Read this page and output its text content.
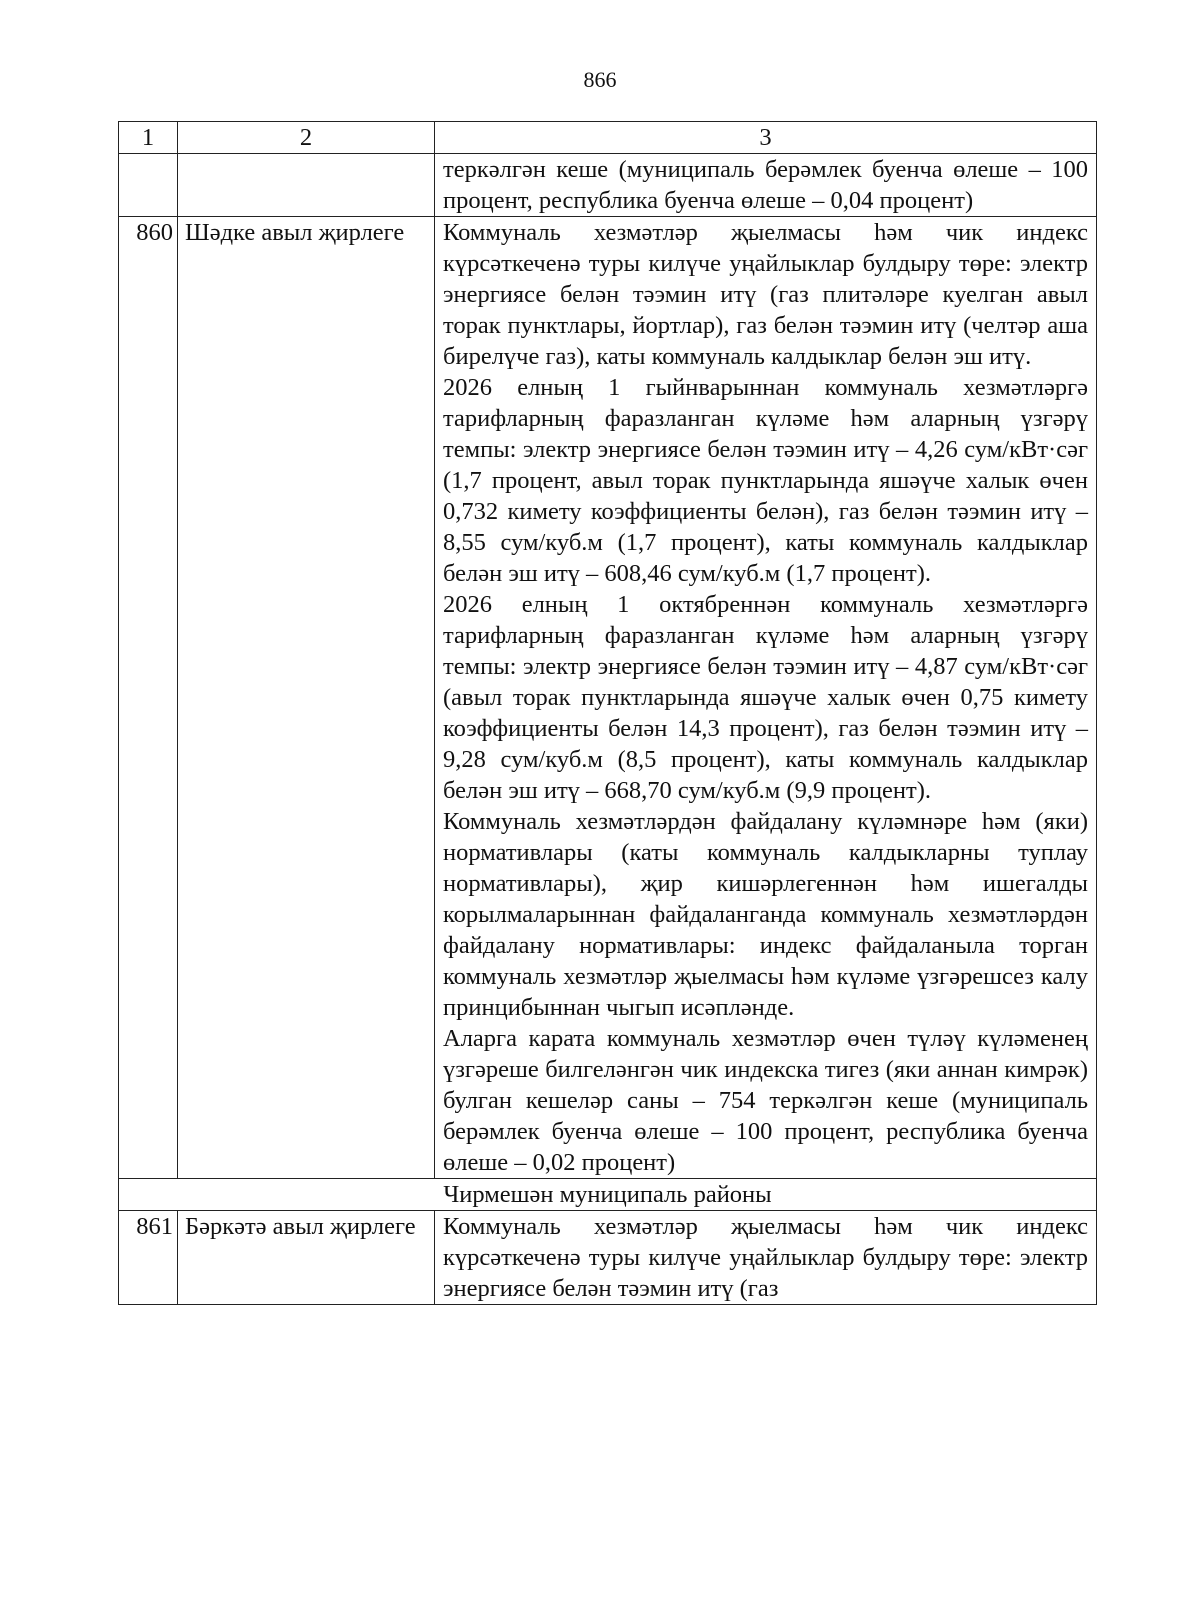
866
1	2	3
		теркәлгән кеше (муниципаль берәмлек буенча өлеше – 100 процент, республика буенча өлеше – 0,04 процент)
860	Шәдке авыл җирлеге	Коммуналь хезмәтләр җыелмасы һәм чик индекс күрсәткеченә туры килүче уңайлыклар булдыру төре: электр энергиясе белән тәэмин итү (газ плитәләре куелган авыл торак пунктлары, йортлар), газ белән тәэмин итү (челтәр аша бирелүче газ), каты коммуналь калдыклар белән эш итү.

2026 елның 1 гыйнварыннан коммуналь хезмәтләргә тарифларның фаразланган күләме һәм аларның үзгәрү темпы: электр энергиясе белән тәэмин итү – 4,26 сум/кВт·сәг (1,7 процент, авыл торак пунктларында яшәүче халык өчен 0,732 кимету коэффициенты белән), газ белән тәэмин итү – 8,55 сум/куб.м (1,7 процент), каты коммуналь калдыклар белән эш итү – 608,46 сум/куб.м (1,7 процент).

2026 елның 1 октябреннән коммуналь хезмәтләргә тарифларның фаразланган күләме һәм аларның үзгәрү темпы: электр энергиясе белән тәэмин итү – 4,87 сум/кВт·сәг (авыл торак пунктларында яшәүче халык өчен 0,75 кимету коэффициенты белән 14,3 процент), газ белән тәэмин итү – 9,28 сум/куб.м (8,5 процент), каты коммуналь калдыклар белән эш итү – 668,70 сум/куб.м (9,9 процент).

Коммуналь хезмәтләрдән файдалану күләмнәре һәм (яки) нормативлары (каты коммуналь калдыкларны туплау нормативлары), җир кишәрлегеннән һәм ишегалды корылмаларыннан файдаланганда коммуналь хезмәтләрдән файдалану нормативлары: индекс файдаланыла торган коммуналь хезмәтләр җыелмасы һәм күләме үзгәрешсез калу принцибыннан чыгып исәпләнде.

Аларга карата коммуналь хезмәтләр өчен түләү күләменең үзгәреше билгеләнгән чик индекска тигез (яки аннан кимрәк) булган кешеләр саны – 754 теркәлгән кеше (муниципаль берәмлек буенча өлеше – 100 процент, республика буенча өлеше – 0,02 процент)

Чирмешән муниципаль районы		
861	Бәркәтә авыл җирлеге	Коммуналь хезмәтләр җыелмасы һәм чик индекс күрсәткеченә туры килүче уңайлыклар булдыру төре: электр энергиясе белән тәэмин итү (газ
